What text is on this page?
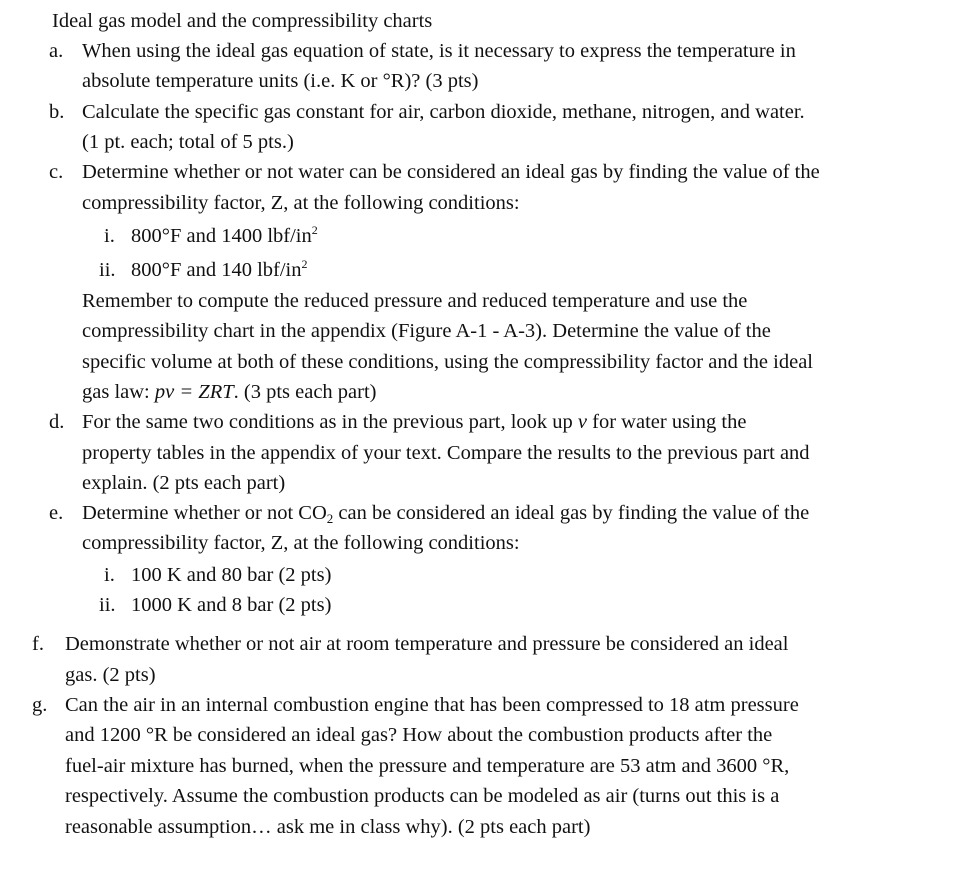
Ideal gas model and the compressibility charts
a. When using the ideal gas equation of state, is it necessary to express the temperature in
absolute temperature units (i.e. K or °R)? (3 pts)
b. Calculate the specific gas constant for air, carbon dioxide, methane, nitrogen, and water.
(1 pt. each; total of 5 pts.)
c. Determine whether or not water can be considered an ideal gas by finding the value of the
compressibility factor, Z, at the following conditions:
i. 800°F and 1400 lbf/$in^2$
ii. 800°F and 140 lbf/$in^2$
Remember to compute the reduced pressure and reduced temperature and use the
compressibility chart in the appendix (Figure A-1 - A-3). Determine the value of the
specific volume at both of these conditions, using the compressibility factor and the ideal
gas law: pv = ZRT. (3 pts each part)
d. For the same two conditions as in the previous part, look up v for water using the
property tables in the appendix of your text. Compare the results to the previous part and
explain. (2 pts each part)
e. Determine whether or not $CO_2$ can be considered an ideal gas by finding the value of the
compressibility factor, Z, at the following conditions:
i. 100 K and 80 bar (2 pts)
ii. 1000 K and 8 bar (2 pts)
f. Demonstrate whether or not air at room temperature and pressure be considered an ideal
gas. (2 pts)
g. Can the air in an internal combustion engine that has been compressed to 18 atm pressure
and 1200 °R be considered an ideal gas? How about the combustion products after the
fuel-air mixture has burned, when the pressure and temperature are 53 atm and 3600 °R,
respectively. Assume the combustion products can be modeled as air (turns out this is a
reasonable assumption… ask me in class why). (2 pts each part)
